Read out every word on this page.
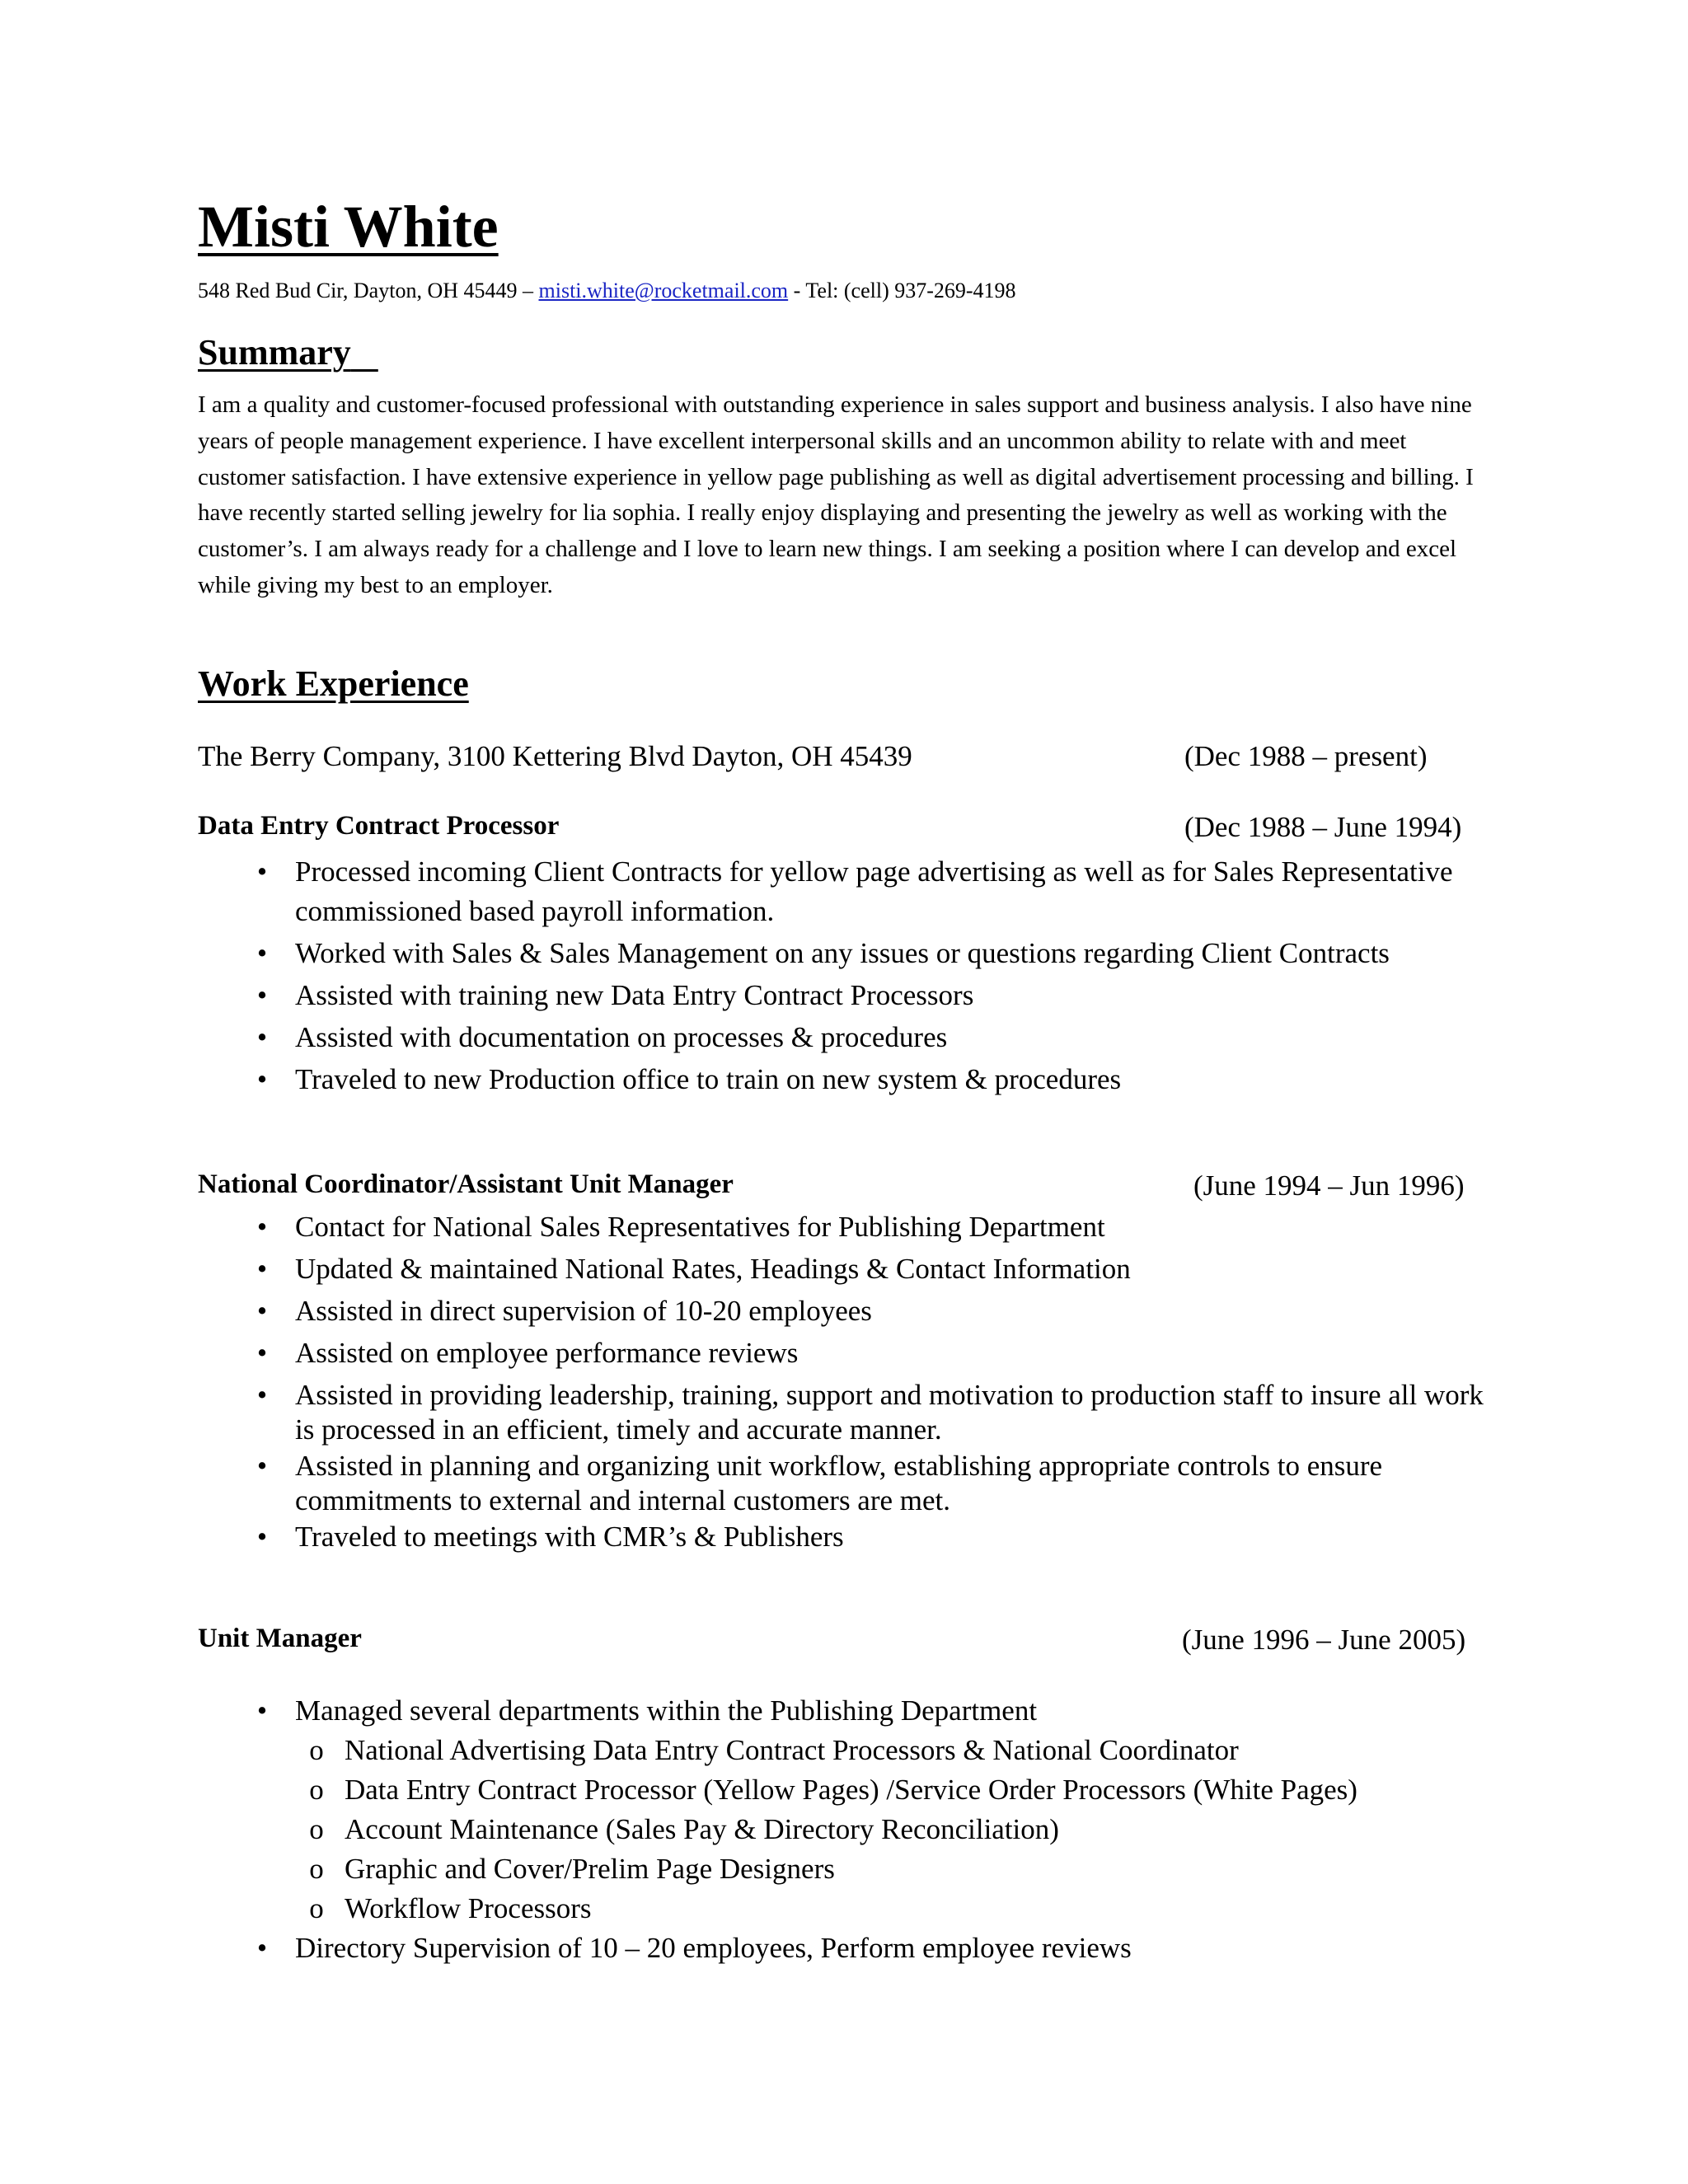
Misti White
548 Red Bud Cir, Dayton, OH 45449 – misti.white@rocketmail.com - Tel: (cell) 937-269-4198
Summary
I am a quality and customer-focused professional with outstanding experience in sales support and business analysis. I also have nine years of people management experience. I have excellent interpersonal skills and an uncommon ability to relate with and meet customer satisfaction. I have extensive experience in yellow page publishing as well as digital advertisement processing and billing. I have recently started selling jewelry for lia sophia. I really enjoy displaying and presenting the jewelry as well as working with the customer’s. I am always ready for a challenge and I love to learn new things. I am seeking a position where I can develop and excel while giving my best to an employer.
Work Experience
The Berry Company, 3100 Kettering Blvd Dayton, OH 45439	(Dec 1988 – present)
Data Entry Contract Processor	(Dec 1988 – June 1994)
• Processed incoming Client Contracts for yellow page advertising as well as for Sales Representative commissioned based payroll information.
• Worked with Sales & Sales Management on any issues or questions regarding Client Contracts
• Assisted with training new Data Entry Contract Processors
• Assisted with documentation on processes & procedures
• Traveled to new Production office to train on new system & procedures
National Coordinator/Assistant Unit Manager	(June 1994 – Jun 1996)
• Contact for National Sales Representatives for Publishing Department
• Updated & maintained National Rates, Headings & Contact Information
• Assisted in direct supervision of 10-20 employees
• Assisted on employee performance reviews
• Assisted in providing leadership, training, support and motivation to production staff to insure all work is processed in an efficient, timely and accurate manner.
• Assisted in planning and organizing unit workflow, establishing appropriate controls to ensure commitments to external and internal customers are met.
• Traveled to meetings with CMR’s & Publishers
Unit Manager	(June 1996 – June 2005)
• Managed several departments within the Publishing Department
o National Advertising Data Entry Contract Processors & National Coordinator
o Data Entry Contract Processor (Yellow Pages) /Service Order Processors (White Pages)
o Account Maintenance (Sales Pay & Directory Reconciliation)
o Graphic and Cover/Prelim Page Designers
o Workflow Processors
• Directory Supervision of 10 – 20 employees, Perform employee reviews
